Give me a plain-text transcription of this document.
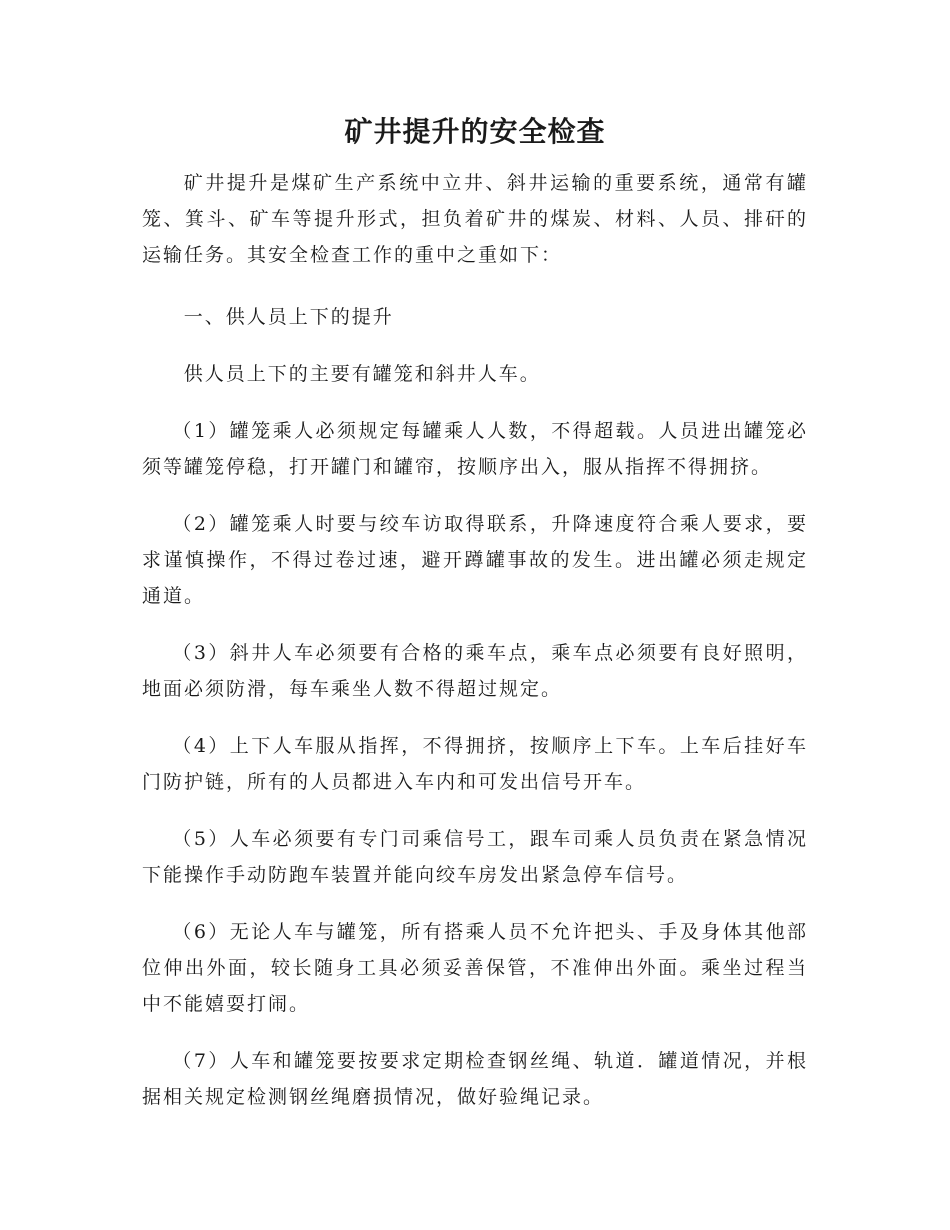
矿井提升的安全检查

矿井提升是煤矿生产系统中立井、斜井运输的重要系统，通常有罐笼、箕斗、矿车等提升形式，担负着矿井的煤炭、材料、人员、排矸的运输任务。其安全检查工作的重中之重如下：

一、供人员上下的提升

供人员上下的主要有罐笼和斜井人车。

（1）罐笼乘人必须规定每罐乘人人数，不得超载。人员进出罐笼必须等罐笼停稳，打开罐门和罐帘，按顺序出入，服从指挥不得拥挤。

（2）罐笼乘人时要与绞车访取得联系，升降速度符合乘人要求，要求谨慎操作，不得过卷过速，避开蹲罐事故的发生。进出罐必须走规定通道。

（3）斜井人车必须要有合格的乘车点，乘车点必须要有良好照明，地面必须防滑，每车乘坐人数不得超过规定。

（4）上下人车服从指挥，不得拥挤，按顺序上下车。上车后挂好车门防护链，所有的人员都进入车内和可发出信号开车。

（5）人车必须要有专门司乘信号工，跟车司乘人员负责在紧急情况下能操作手动防跑车装置并能向绞车房发出紧急停车信号。

（6）无论人车与罐笼，所有搭乘人员不允许把头、手及身体其他部位伸出外面，较长随身工具必须妥善保管，不准伸出外面。乘坐过程当中不能嬉耍打闹。

（7）人车和罐笼要按要求定期检查钢丝绳、轨道．罐道情况，并根据相关规定检测钢丝绳磨损情况，做好验绳记录。
